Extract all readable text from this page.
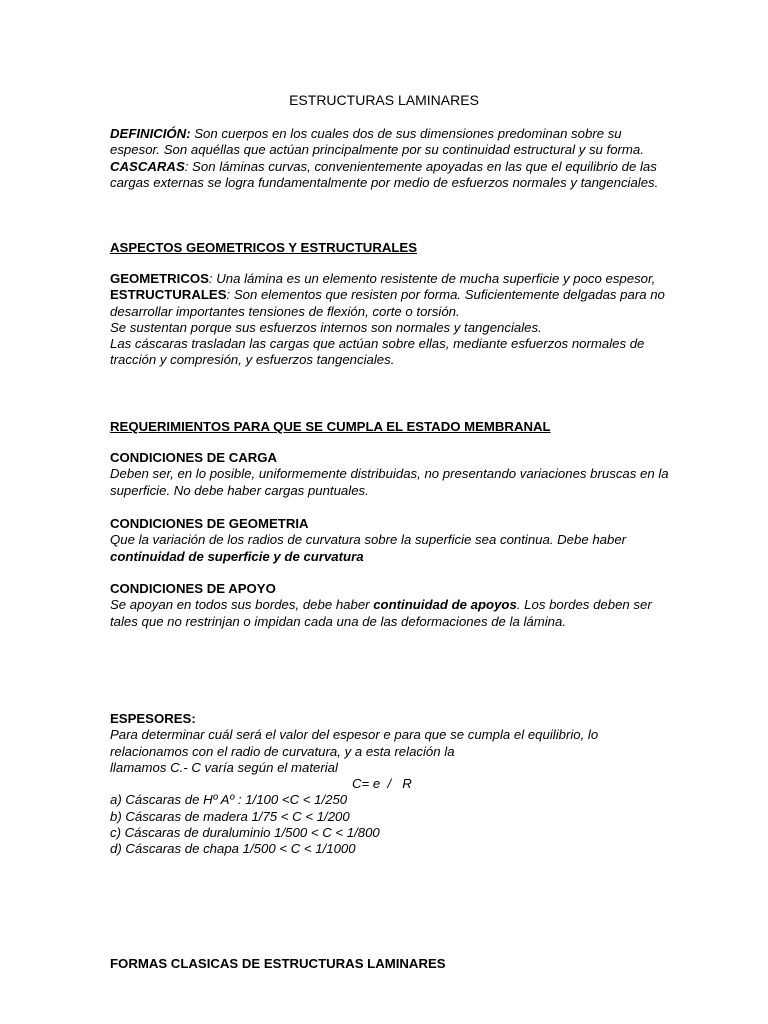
ESTRUCTURAS LAMINARES

DEFINICIÓN: Son cuerpos en los cuales dos de sus dimensiones predominan sobre su espesor. Son aquéllas que actúan principalmente por su continuidad estructural y su forma.

CASCARAS: Son láminas curvas, convenientemente apoyadas en las que el equilibrio de las cargas externas se logra fundamentalmente por medio de esfuerzos normales y tangenciales.

ASPECTOS GEOMETRICOS Y ESTRUCTURALES

GEOMETRICOS: Una lámina es un elemento resistente de mucha superficie y poco espesor,

ESTRUCTURALES: Son elementos que resisten por forma. Suficientemente delgadas para no desarrollar importantes tensiones de flexión, corte o torsión.

Se sustentan porque sus esfuerzos internos son normales y tangenciales.

Las cáscaras trasladan las cargas que actúan sobre ellas, mediante esfuerzos normales de tracción y compresión, y esfuerzos tangenciales.

REQUERIMIENTOS PARA QUE SE CUMPLA EL ESTADO MEMBRANAL

CONDICIONES DE CARGA

Deben ser, en lo posible, uniformemente distribuidas, no presentando variaciones bruscas en la superficie. No debe haber cargas puntuales.

CONDICIONES DE GEOMETRIA

Que la variación de los radios de curvatura sobre la superficie sea continua. Debe haber continuidad de superficie y de curvatura

CONDICIONES DE APOYO

Se apoyan en todos sus bordes, debe haber continuidad de apoyos. Los bordes deben ser tales que no restrinjan o impidan cada una de las deformaciones de la lámina.

ESPESORES:

Para determinar cuál será el valor del espesor e para que se cumpla el equilibrio, lo

relacionamos con el radio de curvatura, y a esta relación la

llamamos C.- C varía según el material

C= e  /   R

a) Cáscaras de Hº Aº : 1/100 <C < 1/250

b) Cáscaras de madera 1/75 < C < 1/200

c) Cáscaras de duraluminio 1/500 < C < 1/800

d) Cáscaras de chapa 1/500 < C < 1/1000

FORMAS CLASICAS DE ESTRUCTURAS LAMINARES
